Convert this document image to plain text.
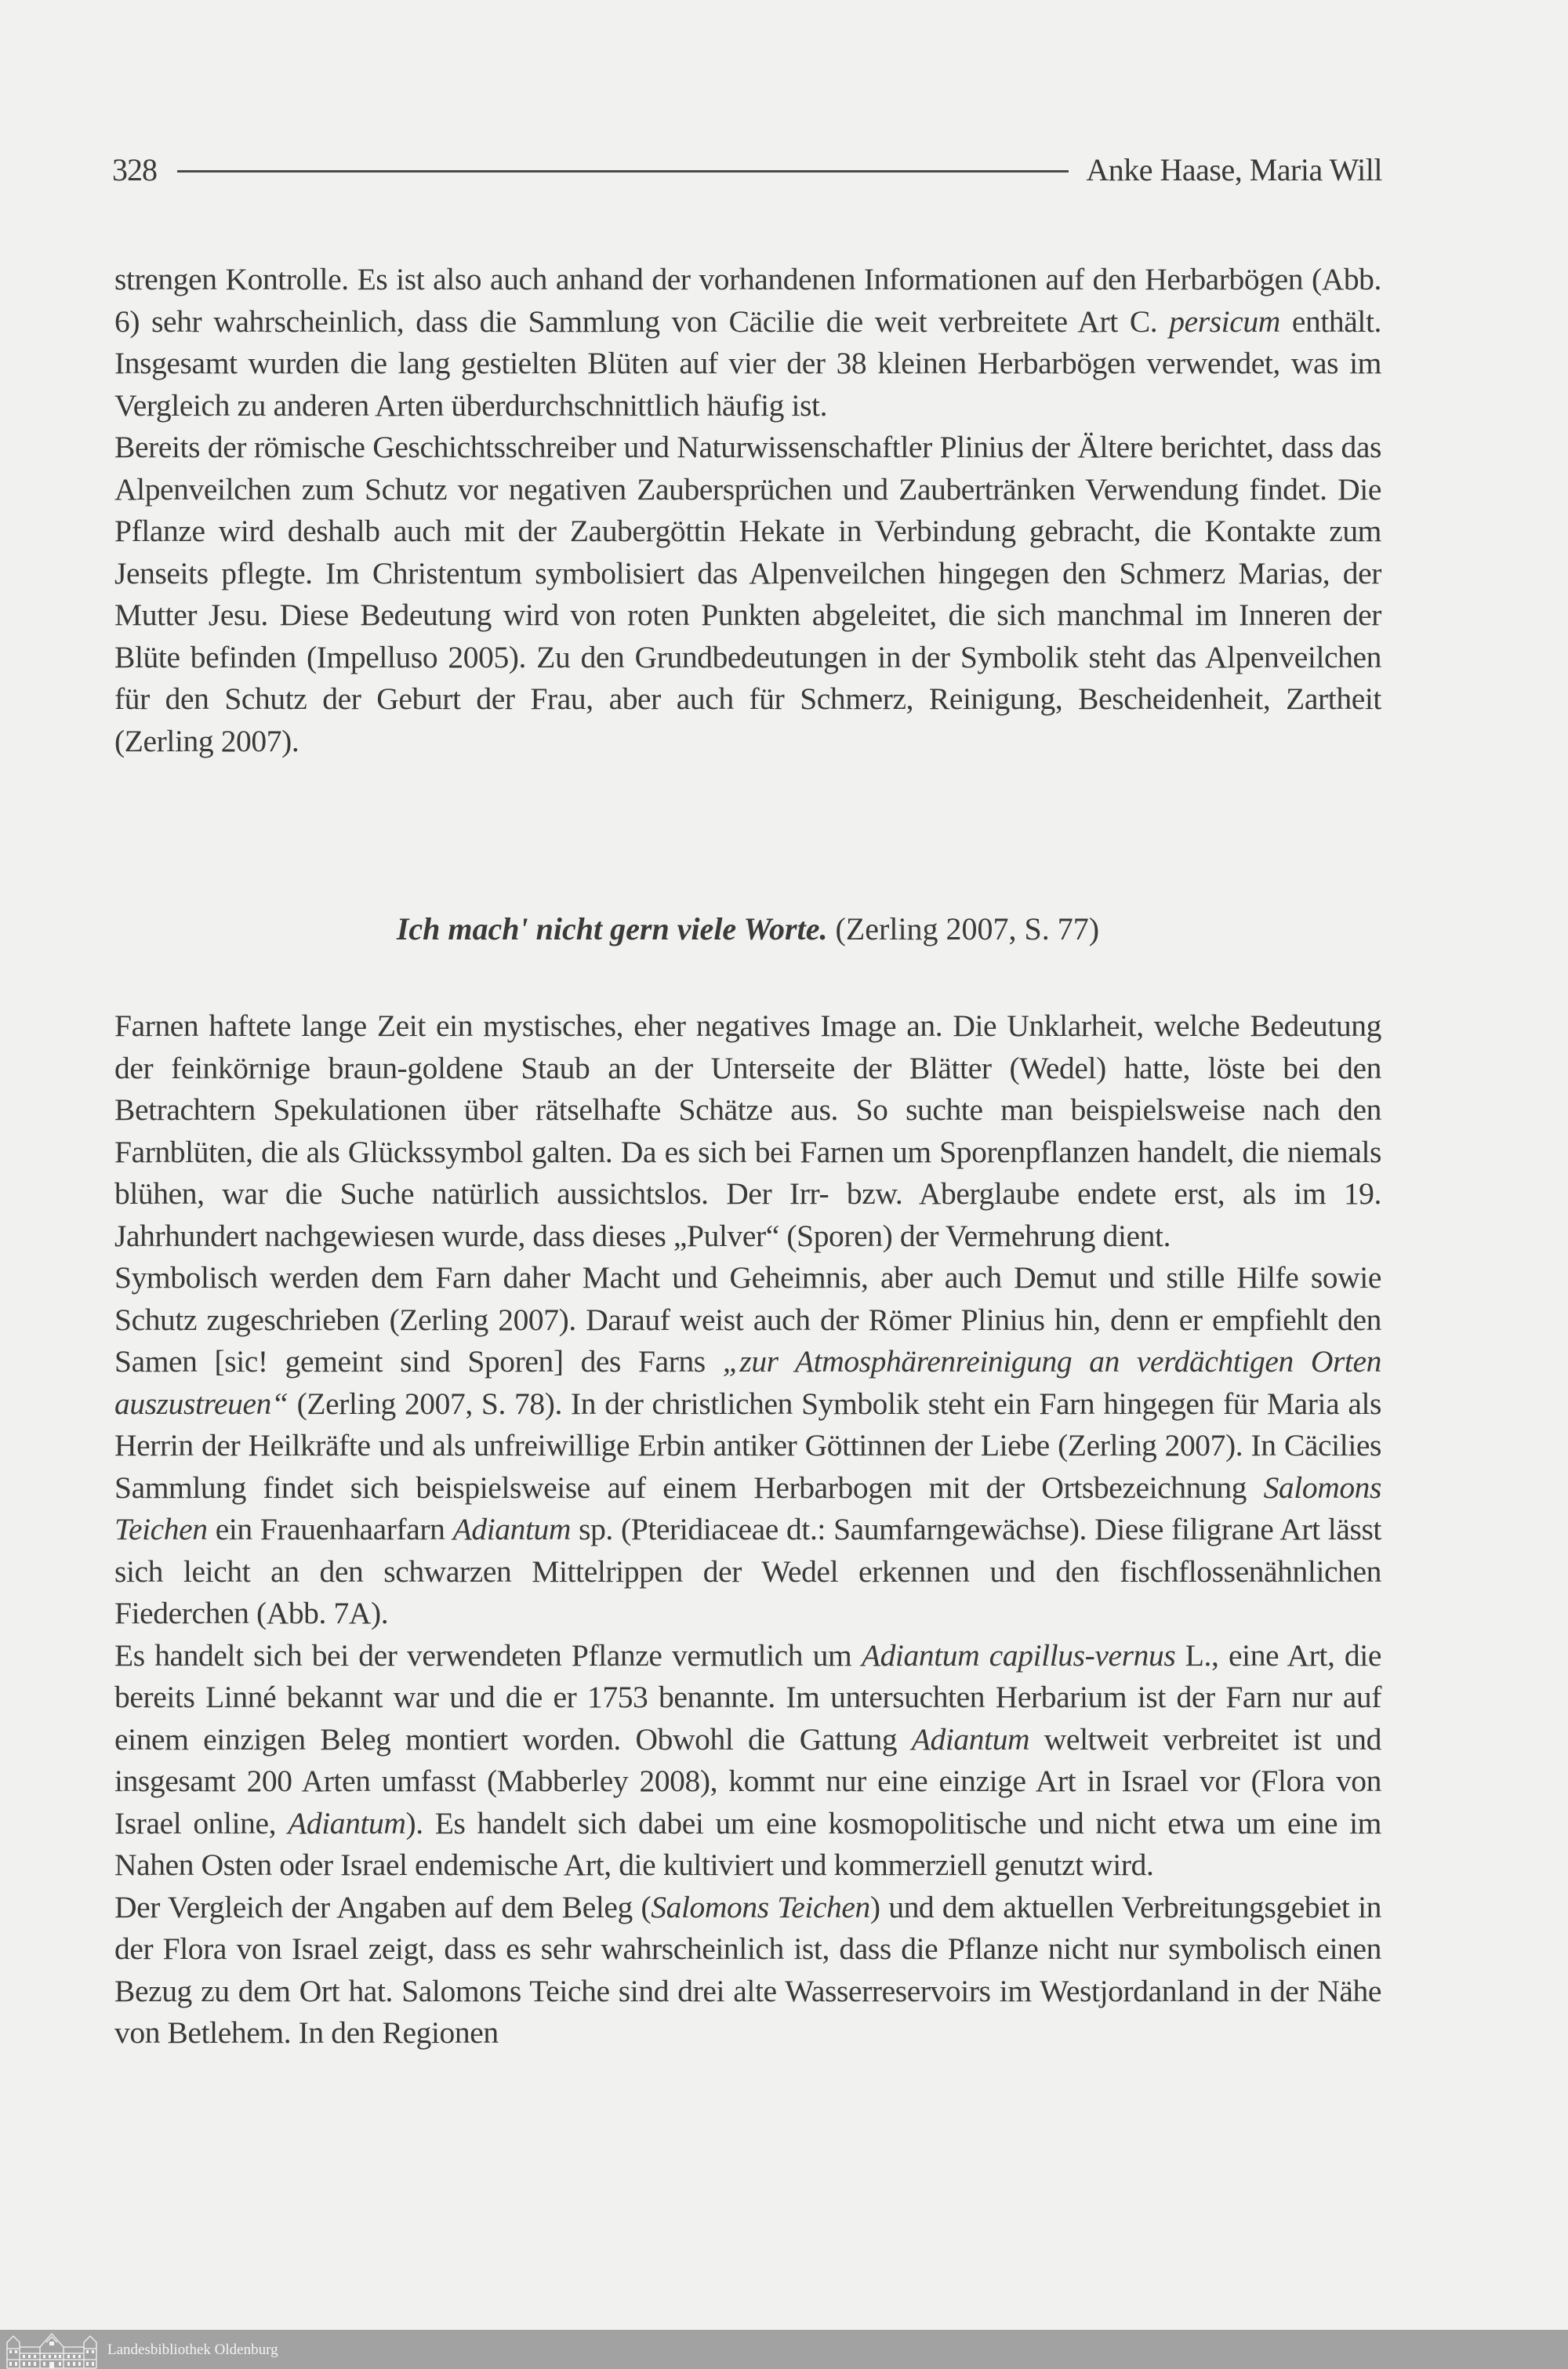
328	Anke Haase, Maria Will

strengen Kontrolle. Es ist also auch anhand der vorhandenen Informationen auf den Herbarbögen (Abb. 6) sehr wahrscheinlich, dass die Sammlung von Cäcilie die weit verbreitete Art C. persicum enthält. Insgesamt wurden die lang gestielten Blüten auf vier der 38 kleinen Herbarbögen verwendet, was im Vergleich zu anderen Arten überdurchschnittlich häufig ist.

Bereits der römische Geschichtsschreiber und Naturwissenschaftler Plinius der Ältere berichtet, dass das Alpenveilchen zum Schutz vor negativen Zaubersprüchen und Zaubertränken Verwendung findet. Die Pflanze wird deshalb auch mit der Zaubergöttin Hekate in Verbindung gebracht, die Kontakte zum Jenseits pflegte. Im Christentum symbolisiert das Alpenveilchen hingegen den Schmerz Marias, der Mutter Jesu. Diese Bedeutung wird von roten Punkten abgeleitet, die sich manchmal im Inneren der Blüte befinden (Impelluso 2005). Zu den Grundbedeutungen in der Symbolik steht das Alpenveilchen für den Schutz der Geburt der Frau, aber auch für Schmerz, Reinigung, Bescheidenheit, Zartheit (Zerling 2007).

Ich mach' nicht gern viele Worte. (Zerling 2007, S. 77)

Farnen haftete lange Zeit ein mystisches, eher negatives Image an. Die Unklarheit, welche Bedeutung der feinkörnige braun-goldene Staub an der Unterseite der Blätter (Wedel) hatte, löste bei den Betrachtern Spekulationen über rätselhafte Schätze aus. So suchte man beispielsweise nach den Farnblüten, die als Glückssymbol galten. Da es sich bei Farnen um Sporenpflanzen handelt, die niemals blühen, war die Suche natürlich aussichtslos. Der Irr- bzw. Aberglaube endete erst, als im 19. Jahrhundert nachgewiesen wurde, dass dieses „Pulver“ (Sporen) der Vermehrung dient.

Symbolisch werden dem Farn daher Macht und Geheimnis, aber auch Demut und stille Hilfe sowie Schutz zugeschrieben (Zerling 2007). Darauf weist auch der Römer Plinius hin, denn er empfiehlt den Samen [sic! gemeint sind Sporen] des Farns „zur Atmosphärenreinigung an verdächtigen Orten auszustreuen“ (Zerling 2007, S. 78). In der christlichen Symbolik steht ein Farn hingegen für Maria als Herrin der Heilkräfte und als unfreiwillige Erbin antiker Göttinnen der Liebe (Zerling 2007). In Cäcilies Sammlung findet sich beispielsweise auf einem Herbarbogen mit der Ortsbezeichnung Salomons Teichen ein Frauenhaarfarn Adiantum sp. (Pteridiaceae dt.: Saumfarngewächse). Diese filigrane Art lässt sich leicht an den schwarzen Mittelrippen der Wedel erkennen und den fischflossenähnlichen Fiederchen (Abb. 7A).

Es handelt sich bei der verwendeten Pflanze vermutlich um Adiantum capillus-vernus L., eine Art, die bereits Linné bekannt war und die er 1753 benannte. Im untersuchten Herbarium ist der Farn nur auf einem einzigen Beleg montiert worden. Obwohl die Gattung Adiantum weltweit verbreitet ist und insgesamt 200 Arten umfasst (Mabberley 2008), kommt nur eine einzige Art in Israel vor (Flora von Israel online, Adiantum). Es handelt sich dabei um eine kosmopolitische und nicht etwa um eine im Nahen Osten oder Israel endemische Art, die kultiviert und kommerziell genutzt wird.

Der Vergleich der Angaben auf dem Beleg (Salomons Teichen) und dem aktuellen Verbreitungsgebiet in der Flora von Israel zeigt, dass es sehr wahrscheinlich ist, dass die Pflanze nicht nur symbolisch einen Bezug zu dem Ort hat. Salomons Teiche sind drei alte Wasserreservoirs im Westjordanland in der Nähe von Betlehem. In den Regionen

Landesbibliothek Oldenburg
